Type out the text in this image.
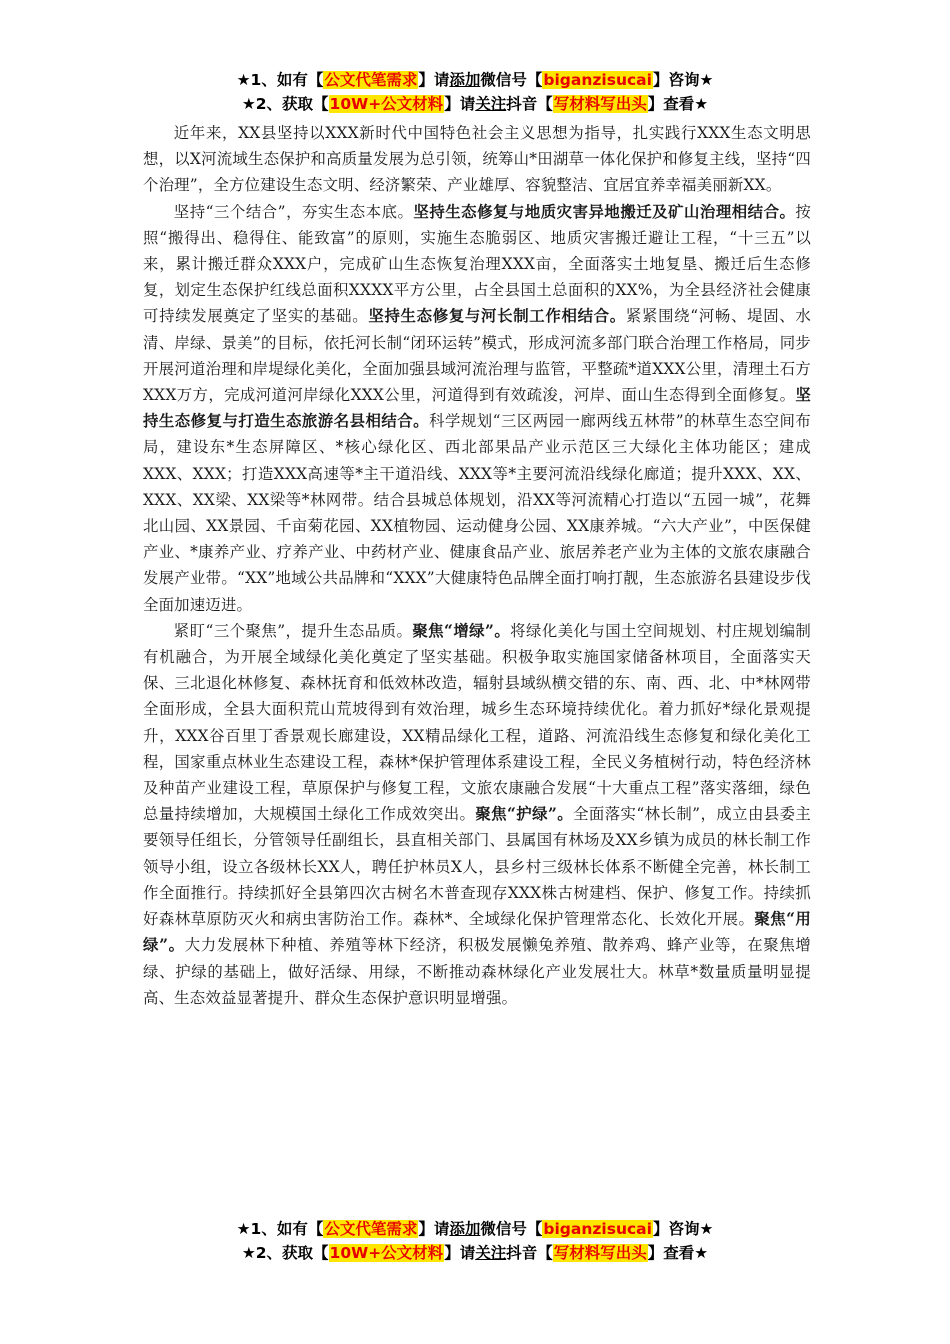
★1、如有【公文代笔需求】请添加微信号【biganzisucai】咨询★
★2、获取【10W+公文材料】请关注抖音【写材料写出头】查看★

近年来，XX县坚持以XXX新时代中国特色社会主义思想为指导，扎实践行XXX生态文明思想，以X河流域生态保护和高质量发展为总引领，统筹山*田湖草一体化保护和修复主线，坚持“四个治理”，全方位建设生态文明、经济繁荣、产业雄厚、容貌整洁、宜居宜养幸福美丽新XX。

坚持“三个结合”，夯实生态本底。坚持生态修复与地质灾害异地搬迁及矿山治理相结合。按照“搬得出、稳得住、能致富”的原则，实施生态脆弱区、地质灾害搬迁避让工程，“十三五”以来，累计搬迁群众XXX户，完成矿山生态恢复治理XXX亩，全面落实土地复垦、搬迁后生态修复，划定生态保护红线总面积XXXX平方公里，占全县国土总面积的XX%，为全县经济社会健康可持续发展奠定了坚实的基础。坚持生态修复与河长制工作相结合。紧紧围绕“河畅、堤固、水清、岸绿、景美”的目标，依托河长制“闭环运转”模式，形成河流多部门联合治理工作格局，同步开展河道治理和岸堤绿化美化，全面加强县域河流治理与监管，平整疏*道XXX公里，清理土石方XXX万方，完成河道河岸绿化XXX公里，河道得到有效疏浚，河岸、面山生态得到全面修复。坚持生态修复与打造生态旅游名县相结合。科学规划“三区两园一廊两线五林带”的林草生态空间布局，建设东*生态屏障区、*核心绿化区、西北部果品产业示范区三大绿化主体功能区；建成XXX、XXX；打造XXX高速等*主干道沿线、XXX等*主要河流沿线绿化廊道；提升XXX、XX、XXX、XX梁、XX梁等*林网带。结合县城总体规划，沿XX等河流精心打造以“五园一城”，花舞北山园、XX景园、千亩菊花园、XX植物园、运动健身公园、XX康养城。“六大产业”，中医保健产业、*康养产业、疗养产业、中药材产业、健康食品产业、旅居养老产业为主体的文旅农康融合发展产业带。“XX”地域公共品牌和“XXX”大健康特色品牌全面打响打靓，生态旅游名县建设步伐全面加速迈进。

紧盯“三个聚焦”，提升生态品质。聚焦“增绿”。将绿化美化与国土空间规划、村庄规划编制有机融合，为开展全域绿化美化奠定了坚实基础。积极争取实施国家储备林项目，全面落实天保、三北退化林修复、森林抚育和低效林改造，辐射县域纵横交错的东、南、西、北、中*林网带全面形成，全县大面积荒山荒坡得到有效治理，城乡生态环境持续优化。着力抓好*绿化景观提升，XXX谷百里丁香景观长廊建设，XX精品绿化工程，道路、河流沿线生态修复和绿化美化工程，国家重点林业生态建设工程，森林*保护管理体系建设工程，全民义务植树行动，特色经济林及种苗产业建设工程，草原保护与修复工程，文旅农康融合发展“十大重点工程”落实落细，绿色总量持续增加，大规模国土绿化工作成效突出。聚焦“护绿”。全面落实“林长制”，成立由县委主要领导任组长，分管领导任副组长，县直相关部门、县属国有林场及XX乡镇为成员的林长制工作领导小组，设立各级林长XX人，聘任护林员X人，县乡村三级林长体系不断健全完善，林长制工作全面推行。持续抓好全县第四次古树名木普查现存XXX株古树建档、保护、修复工作。持续抓好森林草原防灭火和病虫害防治工作。森林*、全域绿化保护管理常态化、长效化开展。聚焦“用绿”。大力发展林下种植、养殖等林下经济，积极发展懒兔养殖、散养鸡、蜂产业等，在聚焦增绿、护绿的基础上，做好活绿、用绿，不断推动森林绿化产业发展壮大。林草*数量质量明显提高、生态效益显著提升、群众生态保护意识明显增强。

★1、如有【公文代笔需求】请添加微信号【biganzisucai】咨询★
★2、获取【10W+公文材料】请关注抖音【写材料写出头】查看★
